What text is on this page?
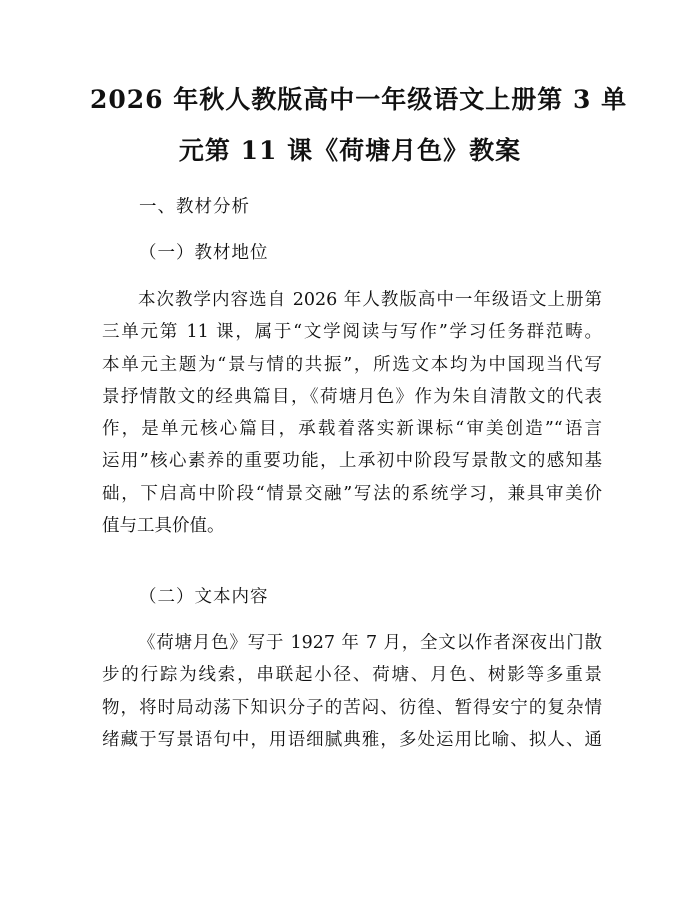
2026 年秋人教版高中一年级语文上册第 3 单
元第 11 课《荷塘月色》教案

一、教材分析

（一）教材地位

本次教学内容选自 2026 年人教版高中一年级语文上册第
三单元第 11 课，属于“文学阅读与写作”学习任务群范畴。
本单元主题为“景与情的共振”，所选文本均为中国现当代写
景抒情散文的经典篇目，《荷塘月色》作为朱自清散文的代表
作，是单元核心篇目，承载着落实新课标“审美创造”“语言
运用”核心素养的重要功能，上承初中阶段写景散文的感知基
础，下启高中阶段“情景交融”写法的系统学习，兼具审美价
值与工具价值。

（二）文本内容

《荷塘月色》写于 1927 年 7 月，全文以作者深夜出门散
步的行踪为线索，串联起小径、荷塘、月色、树影等多重景
物，将时局动荡下知识分子的苦闷、彷徨、暂得安宁的复杂情
绪藏于写景语句中，用语细腻典雅，多处运用比喻、拟人、通
